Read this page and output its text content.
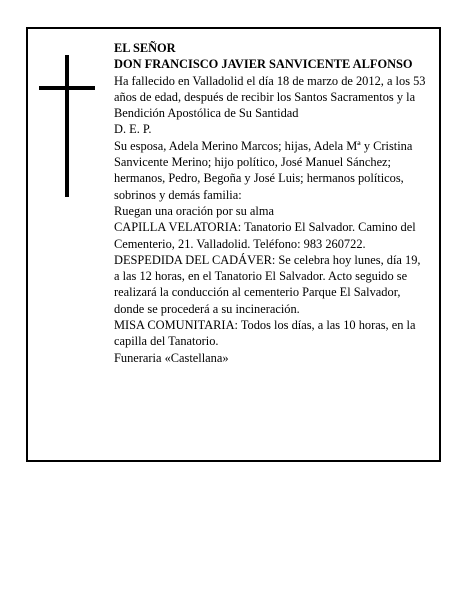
EL SEÑOR

DON FRANCISCO JAVIER SANVICENTE ALFONSO

Ha fallecido en Valladolid el día 18 de marzo de 2012, a los 53 años de edad, después de recibir los Santos Sacramentos y la Bendición Apostólica de Su Santidad

D. E. P.

Su esposa, Adela Merino Marcos; hijas, Adela Mª y Cristina Sanvicente Merino; hijo político, José Manuel Sánchez; hermanos, Pedro, Begoña y José Luis; hermanos políticos, sobrinos y demás familia:

Ruegan una oración por su alma

CAPILLA VELATORIA: Tanatorio El Salvador. Camino del Cementerio, 21. Valladolid. Teléfono: 983 260722.

DESPEDIDA DEL CADÁVER: Se celebra hoy lunes, día 19, a las 12 horas, en el Tanatorio El Salvador. Acto seguido se realizará la conducción al cementerio Parque El Salvador, donde se procederá a su incineración.

MISA COMUNITARIA: Todos los días, a las 10 horas, en la capilla del Tanatorio.

Funeraria «Castellana»
